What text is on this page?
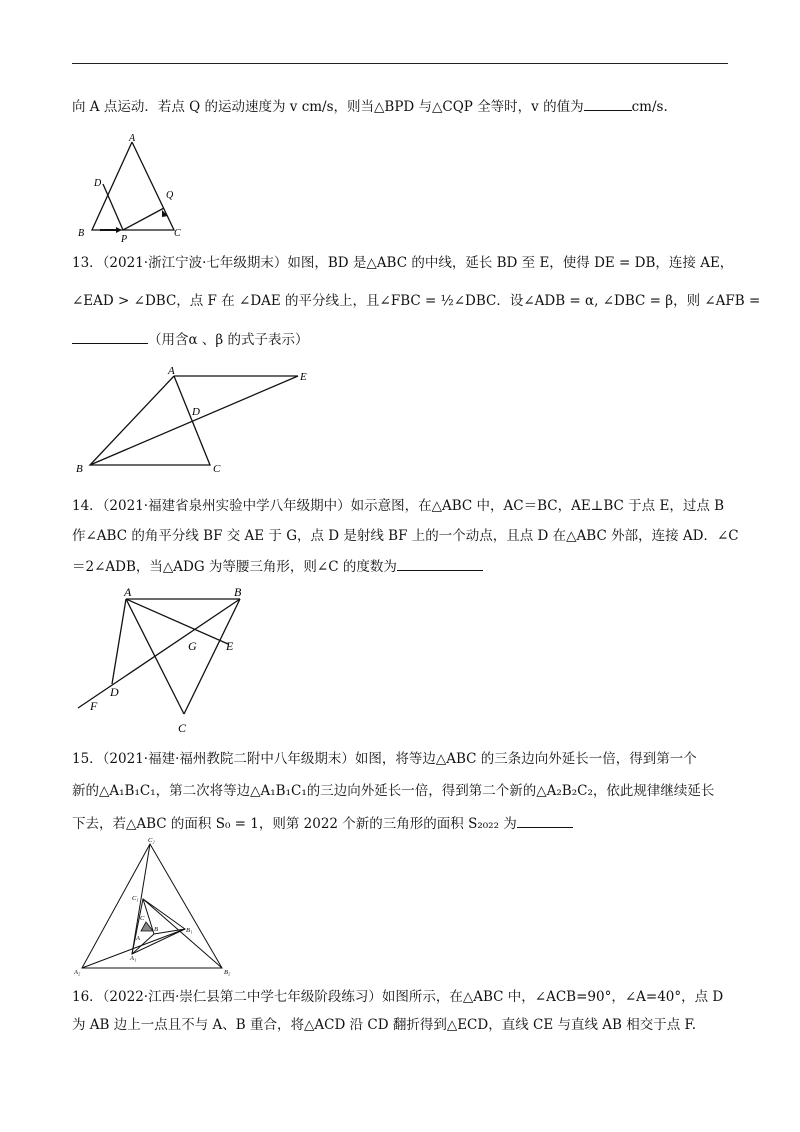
向 A 点运动．若点 Q 的运动速度为 v cm/s，则当△BPD 与△CQP 全等时，v 的值为	cm/s.
A
D
Q
B
P
C
13．（2021·浙江宁波·七年级期末）如图，BD 是△ABC 的中线，延长 BD 至 E，使得 DE = DB，连接 AE，
∠EAD > ∠DBC，点 F 在 ∠DAE 的平分线上，且∠FBC = ½∠DBC．设∠ADB = α, ∠DBC = β，则 ∠AFB =
（用含α 、β 的式子表示）
A	E
D
B	C
14．（2021·福建省泉州实验中学八年级期中）如示意图，在△ABC 中，AC＝BC，AE⊥BC 于点 E，过点 B
作∠ABC 的角平分线 BF 交 AE 于 G，点 D 是射线 BF 上的一个动点，且点 D 在△ABC 外部，连接 AD．∠C
＝2∠ADB，当△ADG 为等腰三角形，则∠C 的度数为
A	B
G E
D
F
C
15．（2021·福建·福州教院二附中八年级期末）如图，将等边△ABC 的三条边向外延长一倍，得到第一个
新的△A₁B₁C₁，第二次将等边△A₁B₁C₁的三边向外延长一倍，得到第二个新的△A₂B₂C₂，依此规律继续延长
下去，若△ABC 的面积 S₀ = 1，则第 2022 个新的三角形的面积 S₂₀₂₂ 为
C₂
C₁
C
B	B₁
A
A₁
A₂	B₂
16．（2022·江西·崇仁县第二中学七年级阶段练习）如图所示，在△ABC 中，∠ACB=90°，∠A=40°，点 D
为 AB 边上一点且不与 A、B 重合，将△ACD 沿 CD 翻折得到△ECD，直线 CE 与直线 AB 相交于点 F.
